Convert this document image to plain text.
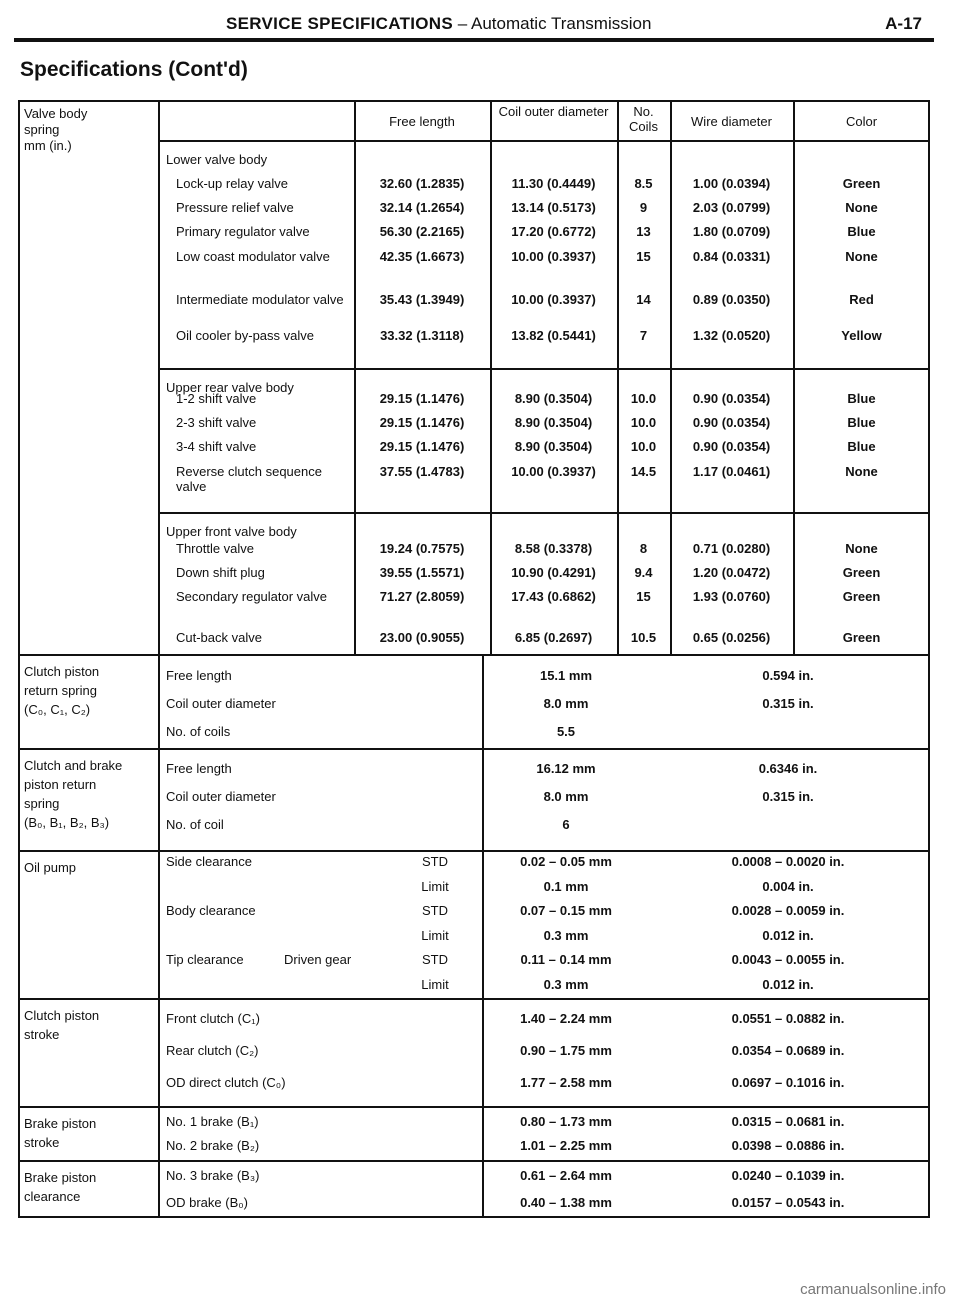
SERVICE SPECIFICATIONS – Automatic Transmission	A-17
Specifications (Cont'd)
Valve body
spring
mm (in.)
Free length
Coil outer diameter	No. Coils	Wire diameter	Color
Lower valve body
Lock-up relay valve	32.60 (1.2835)	11.30 (0.4449)	8.5	1.00 (0.0394)	Green
Pressure relief valve	32.14 (1.2654)	13.14 (0.5173)	9	2.03 (0.0799)	None
Primary regulator valve	56.30 (2.2165)	17.20 (0.6772)	13	1.80 (0.0709)	Blue
Low coast modulator valve	42.35 (1.6673)	10.00 (0.3937)	15	0.84 (0.0331)	None
Intermediate modulator valve	35.43 (1.3949)	10.00 (0.3937)	14	0.89 (0.0350)	Red
Oil cooler by-pass valve	33.32 (1.3118)	13.82 (0.5441)	7	1.32 (0.0520)	Yellow
Upper rear valve body
1-2 shift valve	29.15 (1.1476)	8.90 (0.3504)	10.0	0.90 (0.0354)	Blue
2-3 shift valve	29.15 (1.1476)	8.90 (0.3504)	10.0	0.90 (0.0354)	Blue
3-4 shift valve	29.15 (1.1476)	8.90 (0.3504)	10.0	0.90 (0.0354)	Blue
Reverse clutch sequence valve
37.55 (1.4783)	10.00 (0.3937)	14.5	1.17 (0.0461)	None
Upper front valve body
Throttle valve	19.24 (0.7575)	8.58 (0.3378)	8	0.71 (0.0280)	None
Down shift plug	39.55 (1.5571)	10.90 (0.4291)	9.4	1.20 (0.0472)	Green
Secondary regulator valve	71.27 (2.8059)	17.43 (0.6862)	15	1.93 (0.0760)	Green
Cut-back valve	23.00 (0.9055)	6.85 (0.2697)	10.5	0.65 (0.0256)	Green
Clutch piston
return spring
(C₀, C₁, C₂)
Free length	15.1 mm	0.594 in.
Coil outer diameter	8.0 mm	0.315 in.
No. of coils	5.5
Clutch and brake
piston return
spring
(B₀, B₁, B₂, B₃)
Free length	16.12 mm	0.6346 in.
Coil outer diameter	8.0 mm	0.315 in.
No. of coil	6
Oil pump	Side clearance	STD	0.02 – 0.05 mm	0.0008 – 0.0020 in.
Limit	0.1 mm	0.004 in.
Body clearance	STD	0.07 – 0.15 mm	0.0028 – 0.0059 in.
Limit	0.3 mm	0.012 in.
Tip clearance	Driven gear	STD	0.11 – 0.14 mm	0.0043 – 0.0055 in.
Limit	0.3 mm	0.012 in.
Clutch piston
stroke
Front clutch (C₁)	1.40 – 2.24 mm	0.0551 – 0.0882 in.
Rear clutch (C₂)	0.90 – 1.75 mm	0.0354 – 0.0689 in.
OD direct clutch (C₀)	1.77 – 2.58 mm	0.0697 – 0.1016 in.
Brake piston
stroke
No. 1 brake (B₁)	0.80 – 1.73 mm	0.0315 – 0.0681 in.
No. 2 brake (B₂)	1.01 – 2.25 mm	0.0398 – 0.0886 in.
Brake piston
clearance
No. 3 brake (B₃)	0.61 – 2.64 mm	0.0240 – 0.1039 in.
OD brake (B₀)	0.40 – 1.38 mm	0.0157 – 0.0543 in.
carmanualsonline.info
